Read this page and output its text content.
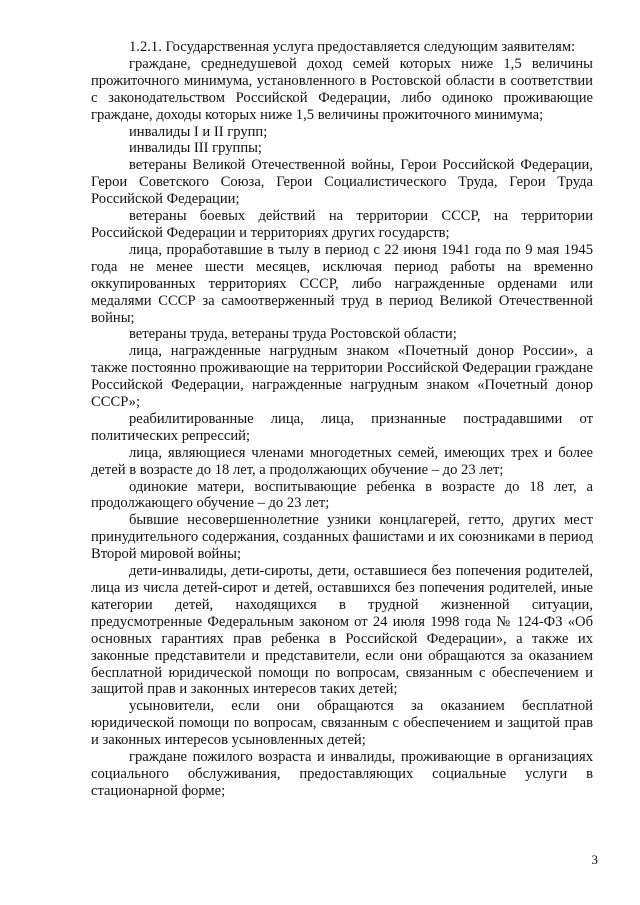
1.2.1. Государственная услуга предоставляется следующим заявителям:

граждане, среднедушевой доход семей которых ниже 1,5 величины прожиточного минимума, установленного в Ростовской области в соответствии с законодательством Российской Федерации, либо одиноко проживающие граждане, доходы которых ниже 1,5 величины прожиточного минимума;

инвалиды I и II групп;

инвалиды III группы;

ветераны Великой Отечественной войны, Герои Российской Федерации, Герои Советского Союза, Герои Социалистического Труда, Герои Труда Российской Федерации;

ветераны боевых действий на территории СССР, на территории Российской Федерации и территориях других государств;

лица, проработавшие в тылу в период с 22 июня 1941 года по 9 мая 1945 года не менее шести месяцев, исключая период работы на временно оккупированных территориях СССР, либо награжденные орденами или медалями СССР за самоотверженный труд в период Великой Отечественной войны;

ветераны труда, ветераны труда Ростовской области;

лица, награжденные нагрудным знаком «Почетный донор России», а также постоянно проживающие на территории Российской Федерации граждане Российской Федерации, награжденные нагрудным знаком «Почетный донор СССР»;

реабилитированные лица, лица, признанные пострадавшими от политических репрессий;

лица, являющиеся членами многодетных семей, имеющих трех и более детей в возрасте до 18 лет, а продолжающих обучение – до 23 лет;

одинокие матери, воспитывающие ребенка в возрасте до 18 лет, а продолжающего обучение – до 23 лет;

бывшие несовершеннолетние узники концлагерей, гетто, других мест принудительного содержания, созданных фашистами и их союзниками в период Второй мировой войны;

дети-инвалиды, дети-сироты, дети, оставшиеся без попечения родителей, лица из числа детей-сирот и детей, оставшихся без попечения родителей, иные категории детей, находящихся в трудной жизненной ситуации, предусмотренные Федеральным законом от 24 июля 1998 года № 124-ФЗ «Об основных гарантиях прав ребенка в Российской Федерации», а также их законные представители и представители, если они обращаются за оказанием бесплатной юридической помощи по вопросам, связанным с обеспечением и защитой прав и законных интересов таких детей;

усыновители, если они обращаются за оказанием бесплатной юридической помощи по вопросам, связанным с обеспечением и защитой прав и законных интересов усыновленных детей;

граждане пожилого возраста и инвалиды, проживающие в организациях социального обслуживания, предоставляющих социальные услуги в стационарной форме;

3
